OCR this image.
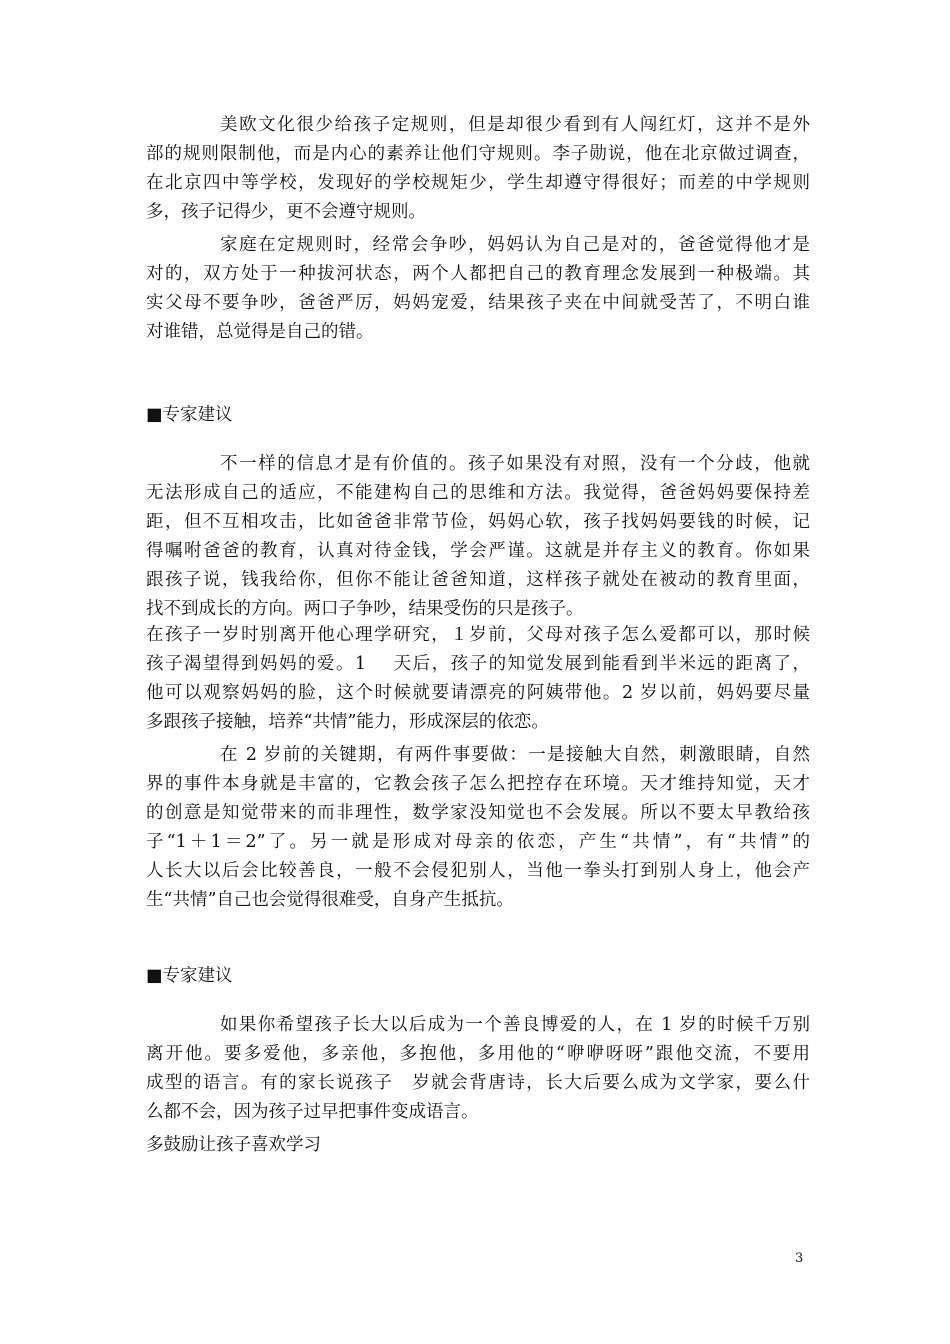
美欧文化很少给孩子定规则，但是却很少看到有人闯红灯，这并不是外
部的规则限制他，而是内心的素养让他们守规则。李子勋说，他在北京做过调查，
在北京四中等学校，发现好的学校规矩少，学生却遵守得很好；而差的中学规则
多，孩子记得少，更不会遵守规则。
家庭在定规则时，经常会争吵，妈妈认为自己是对的，爸爸觉得他才是
对的，双方处于一种拔河状态，两个人都把自己的教育理念发展到一种极端。其
实父母不要争吵，爸爸严厉，妈妈宠爱，结果孩子夹在中间就受苦了，不明白谁
对谁错，总觉得是自己的错。
■专家建议
不一样的信息才是有价值的。孩子如果没有对照，没有一个分歧，他就
无法形成自己的适应，不能建构自己的思维和方法。我觉得，爸爸妈妈要保持差
距，但不互相攻击，比如爸爸非常节俭，妈妈心软，孩子找妈妈要钱的时候，记
得嘱咐爸爸的教育，认真对待金钱，学会严谨。这就是并存主义的教育。你如果
跟孩子说，钱我给你，但你不能让爸爸知道，这样孩子就处在被动的教育里面，
找不到成长的方向。两口子争吵，结果受伤的只是孩子。
在孩子一岁时别离开他心理学研究，１岁前，父母对孩子怎么爱都可以，那时候
孩子渴望得到妈妈的爱。1　 天后，孩子的知觉发展到能看到半米远的距离了，
他可以观察妈妈的脸，这个时候就要请漂亮的阿姨带他。2 岁以前，妈妈要尽量
多跟孩子接触，培养“共情”能力，形成深层的依恋。
在 2 岁前的关键期，有两件事要做：一是接触大自然，刺激眼睛，自然
界的事件本身就是丰富的，它教会孩子怎么把控存在环境。天才维持知觉，天才
的创意是知觉带来的而非理性，数学家没知觉也不会发展。所以不要太早教给孩
子“1＋1＝2”了。另一就是形成对母亲的依恋，产生“共情”，有“共情”的
人长大以后会比较善良，一般不会侵犯别人，当他一拳头打到别人身上，他会产
生“共情”自己也会觉得很难受，自身产生抵抗。
■专家建议
如果你希望孩子长大以后成为一个善良博爱的人，在 1 岁的时候千万别
离开他。要多爱他，多亲他，多抱他，多用他的“咿咿呀呀”跟他交流，不要用
成型的语言。有的家长说孩子　岁就会背唐诗，长大后要么成为文学家，要么什
么都不会，因为孩子过早把事件变成语言。
多鼓励让孩子喜欢学习
3
